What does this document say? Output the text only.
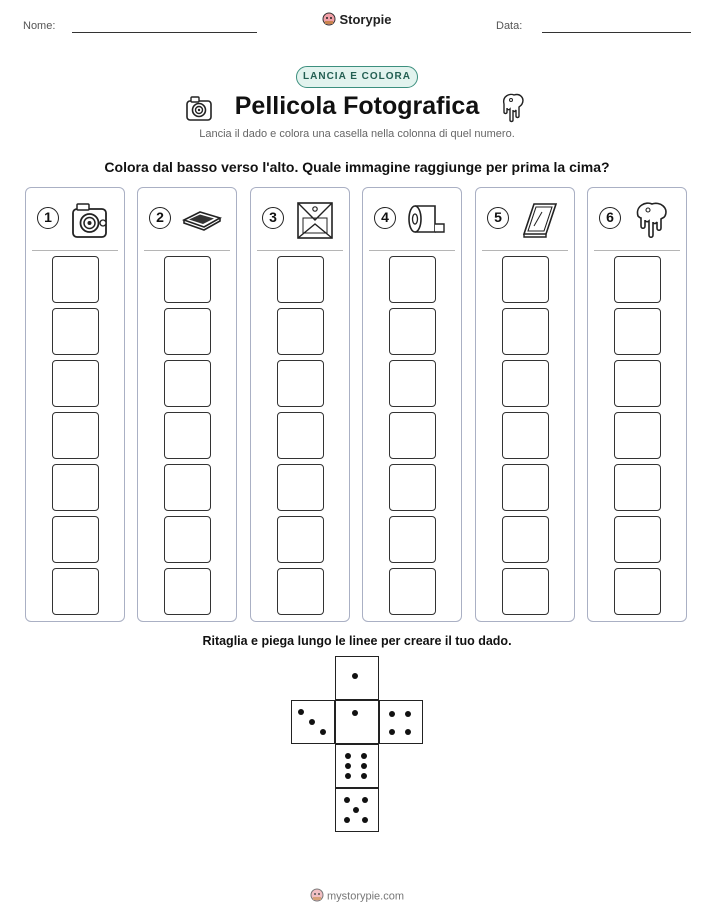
Nome:	Data:
Storypie
LANCIA E COLORA
Pellicola Fotografica
Lancia il dado e colora una casella nella colonna di quel numero.
Colora dal basso verso l'alto. Quale immagine raggiunge per prima la cima?
1	2	3	4	5	6
Ritaglia e piega lungo le linee per creare il tuo dado.
mystorypie.com
